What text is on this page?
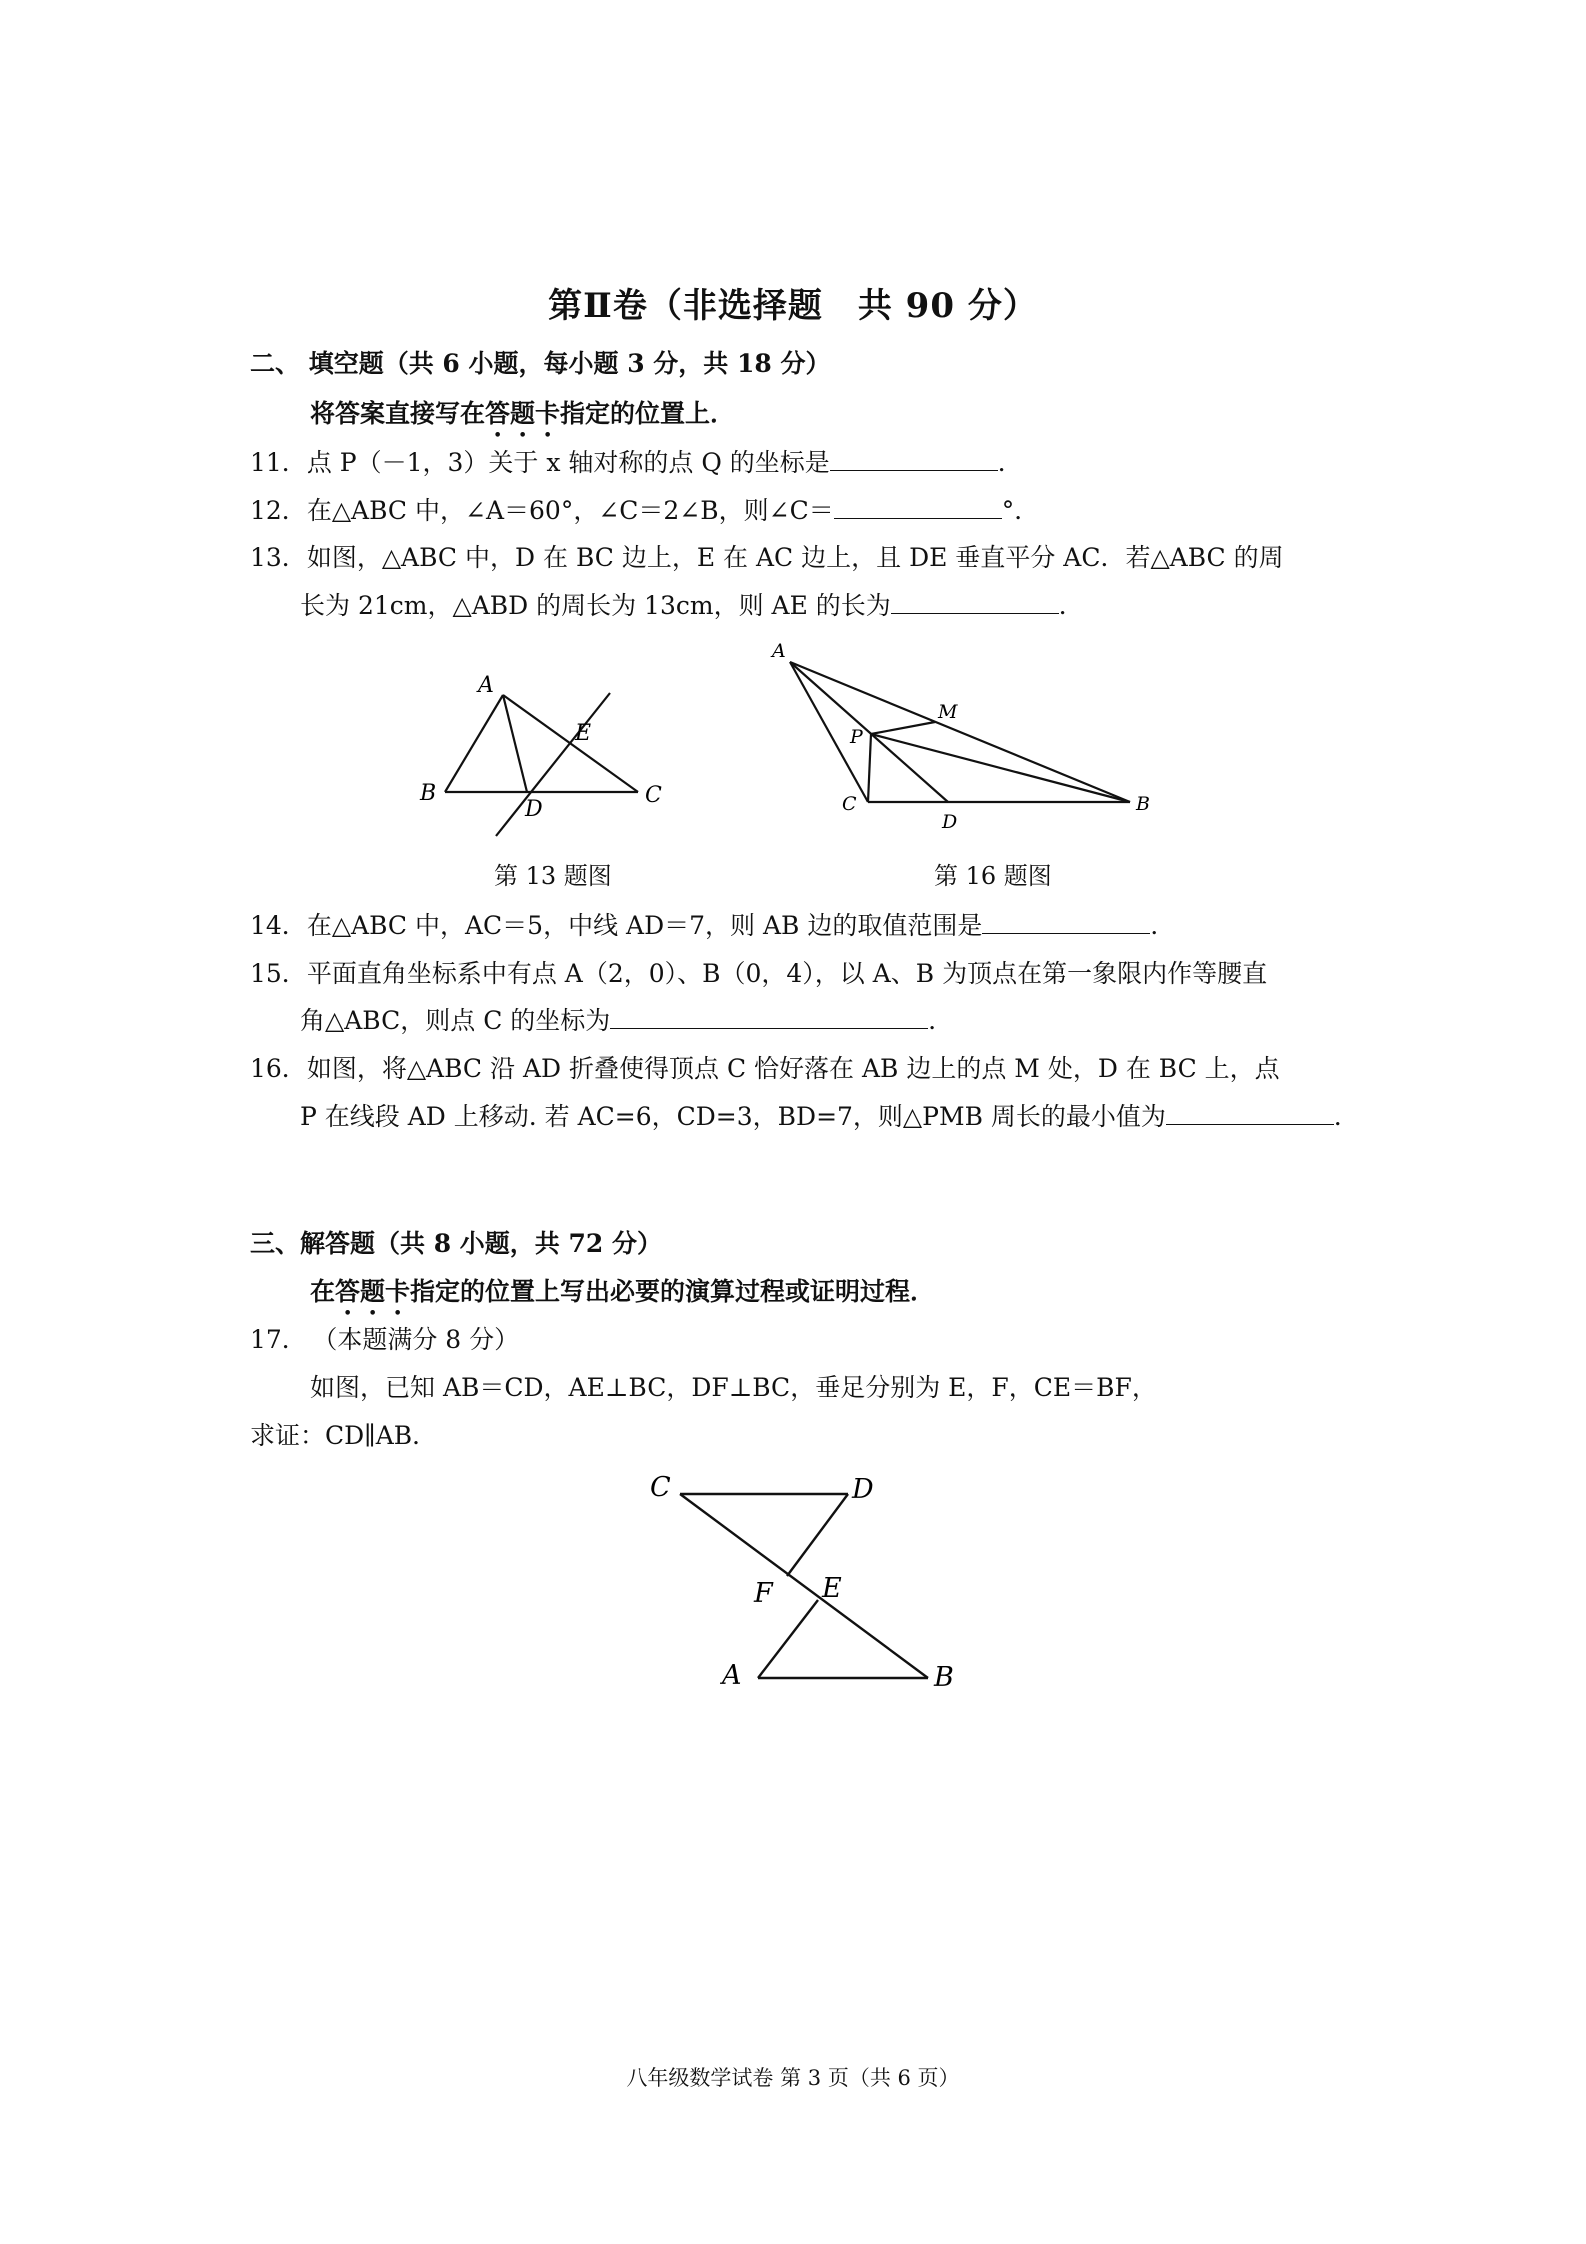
第Ⅱ卷（非选择题　共 90 分）
二、 填空题（共 6 小题，每小题 3 分，共 18 分）
将答案直接写在答题卡指定的位置上．
11．点 P（－1，3）关于 x 轴对称的点 Q 的坐标是	．
12．在△ABC 中，∠A＝60°，∠C＝2∠B，则∠C＝	°．
13．如图，△ABC 中，D 在 BC 边上，E 在 AC 边上，且 DE 垂直平分 AC．若△ABC 的周
长为 21cm，△ABD 的周长为 13cm，则 AE 的长为	．
A
B	C
D
E
第 13 题图
A
M
P
C
D
B
第 16 题图
14．在△ABC 中，AC＝5，中线 AD＝7，则 AB 边的取值范围是	．
15．平面直角坐标系中有点 A（2，0）、B（0，4），以 A、B 为顶点在第一象限内作等腰直
角△ABC，则点 C 的坐标为	．
16．如图，将△ABC 沿 AD 折叠使得顶点 C 恰好落在 AB 边上的点 M 处，D 在 BC 上，点
P 在线段 AD 上移动. 若 AC=6，CD=3，BD=7，则△PMB 周长的最小值为	．
三、解答题（共 8 小题，共 72 分）
在答题卡指定的位置上写出必要的演算过程或证明过程．
17． （本题满分 8 分）
如图，已知 AB＝CD，AE⊥BC，DF⊥BC，垂足分别为 E，F，CE＝BF，
求证：CD∥AB．
C	D
F E
A	B
八年级数学试卷 第 3 页（共 6 页）
